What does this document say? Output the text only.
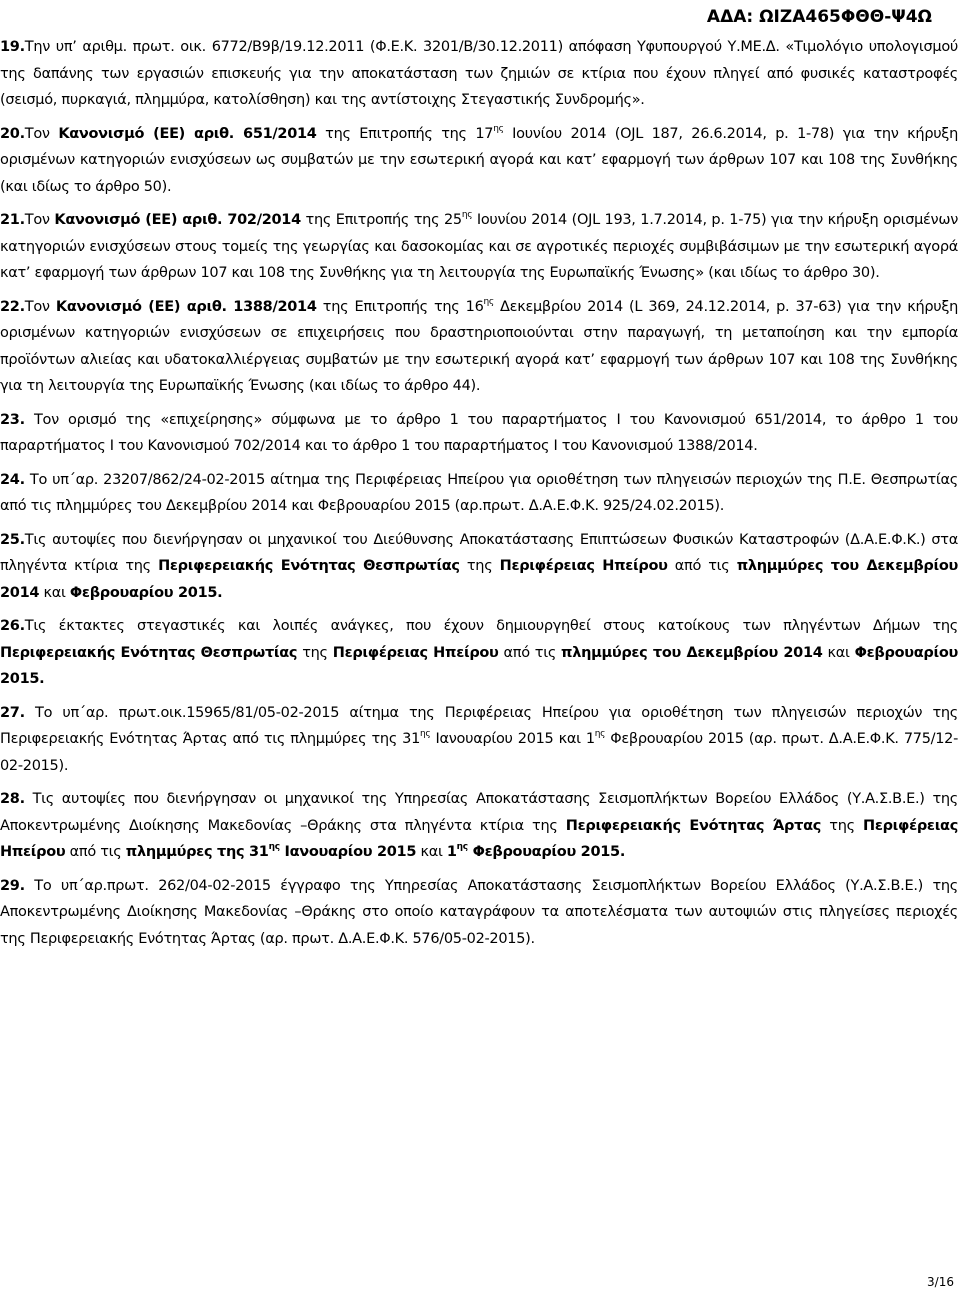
ΑΔΑ: ΩΙΖΑ465ΦΘΘ-Ψ4Ω

19.Την υπ’ αριθμ. πρωτ. οικ. 6772/Β9β/19.12.2011 (Φ.Ε.Κ. 3201/Β/30.12.2011) απόφαση Υφυπουργού Υ.ΜΕ.Δ. «Τιμολόγιο υπολογισμού της δαπάνης των εργασιών επισκευής για την αποκατάσταση των ζημιών σε κτίρια που έχουν πληγεί από φυσικές καταστροφές (σεισμό, πυρκαγιά, πλημμύρα, κατολίσθηση) και της αντίστοιχης Στεγαστικής Συνδρομής».

20.Τον Κανονισμό (ΕΕ) αριθ. 651/2014 της Επιτροπής της $17^{\eta\varsigma}$ Ιουνίου 2014 (OJL 187, 26.6.2014, p. 1-78) για την κήρυξη ορισμένων κατηγοριών ενισχύσεων ως συμβατών με την εσωτερική αγορά και κατ’ εφαρμογή των άρθρων 107 και 108 της Συνθήκης (και ιδίως το άρθρο 50).

21.Τον Κανονισμό (ΕΕ) αριθ. 702/2014 της Επιτροπής της $25^{\eta\varsigma}$ Ιουνίου 2014 (OJL 193, 1.7.2014, p. 1-75) για την κήρυξη ορισμένων κατηγοριών ενισχύσεων στους τομείς της γεωργίας και δασοκομίας και σε αγροτικές περιοχές συμβιβάσιμων με την εσωτερική αγορά κατ’ εφαρμογή των άρθρων 107 και 108 της Συνθήκης για τη λειτουργία της Ευρωπαϊκής Ένωσης» (και ιδίως το άρθρο 30).

22.Τον Κανονισμό (ΕΕ) αριθ. 1388/2014 της Επιτροπής της $16^{\eta\varsigma}$ Δεκεμβρίου 2014 (L 369, 24.12.2014, p. 37-63) για την κήρυξη ορισμένων κατηγοριών ενισχύσεων σε επιχειρήσεις που δραστηριοποιούνται στην παραγωγή, τη μεταποίηση και την εμπορία προϊόντων αλιείας και υδατοκαλλιέργειας συμβατών με την εσωτερική αγορά κατ’ εφαρμογή των άρθρων 107 και 108 της Συνθήκης για τη λειτουργία της Ευρωπαϊκής Ένωσης (και ιδίως το άρθρο 44).

23. Τον ορισμό της «επιχείρησης» σύμφωνα με το άρθρο 1 του παραρτήματος Ι του Κανονισμού 651/2014, το άρθρο 1 του παραρτήματος Ι του Κανονισμού 702/2014 και το άρθρο 1 του παραρτήματος Ι του Κανονισμού 1388/2014.

24. Το υπ΄αρ. 23207/862/24-02-2015 αίτημα της Περιφέρειας Ηπείρου για οριοθέτηση των πληγεισών περιοχών της Π.Ε. Θεσπρωτίας από τις πλημμύρες του Δεκεμβρίου 2014 και Φεβρουαρίου 2015 (αρ.πρωτ. Δ.Α.Ε.Φ.Κ. 925/24.02.2015).

25.Τις αυτοψίες που διενήργησαν οι μηχανικοί του Διεύθυνσης Αποκατάστασης Επιπτώσεων Φυσικών Καταστροφών (Δ.Α.Ε.Φ.Κ.) στα πληγέντα κτίρια της Περιφερειακής Ενότητας Θεσπρωτίας της Περιφέρειας Ηπείρου από τις πλημμύρες του Δεκεμβρίου 2014 και Φεβρουαρίου 2015.

26.Τις έκτακτες στεγαστικές και λοιπές ανάγκες, που έχουν δημιουργηθεί στους κατοίκους των πληγέντων Δήμων της Περιφερειακής Ενότητας Θεσπρωτίας της Περιφέρειας Ηπείρου από τις πλημμύρες του Δεκεμβρίου 2014 και Φεβρουαρίου 2015.

27. Το υπ΄αρ. πρωτ.οικ.15965/81/05-02-2015 αίτημα της Περιφέρειας Ηπείρου για οριοθέτηση των πληγεισών περιοχών της Περιφερειακής Ενότητας Άρτας από τις πλημμύρες της $31^{\eta\varsigma}$ Ιανουαρίου 2015 και $1^{\eta\varsigma}$ Φεβρουαρίου 2015 (αρ. πρωτ. Δ.Α.Ε.Φ.Κ. 775/12-02-2015).

28. Τις αυτοψίες που διενήργησαν οι μηχανικοί της Υπηρεσίας Αποκατάστασης Σεισμοπλήκτων Βορείου Ελλάδος (Υ.Α.Σ.Β.Ε.) της Αποκεντρωμένης Διοίκησης Μακεδονίας –Θράκης στα πληγέντα κτίρια της Περιφερειακής Ενότητας Άρτας της Περιφέρειας Ηπείρου από τις πλημμύρες της $31^{\eta\varsigma}$ Ιανουαρίου 2015 και $1^{\eta\varsigma}$ Φεβρουαρίου 2015.

29. Το υπ΄αρ.πρωτ. 262/04-02-2015 έγγραφο της Υπηρεσίας Αποκατάστασης Σεισμοπλήκτων Βορείου Ελλάδος (Υ.Α.Σ.Β.Ε.) της Αποκεντρωμένης Διοίκησης Μακεδονίας –Θράκης στο οποίο καταγράφουν τα αποτελέσματα των αυτοψιών στις πληγείσες περιοχές της Περιφερειακής Ενότητας Άρτας (αρ. πρωτ. Δ.Α.Ε.Φ.Κ. 576/05-02-2015).

3/16
